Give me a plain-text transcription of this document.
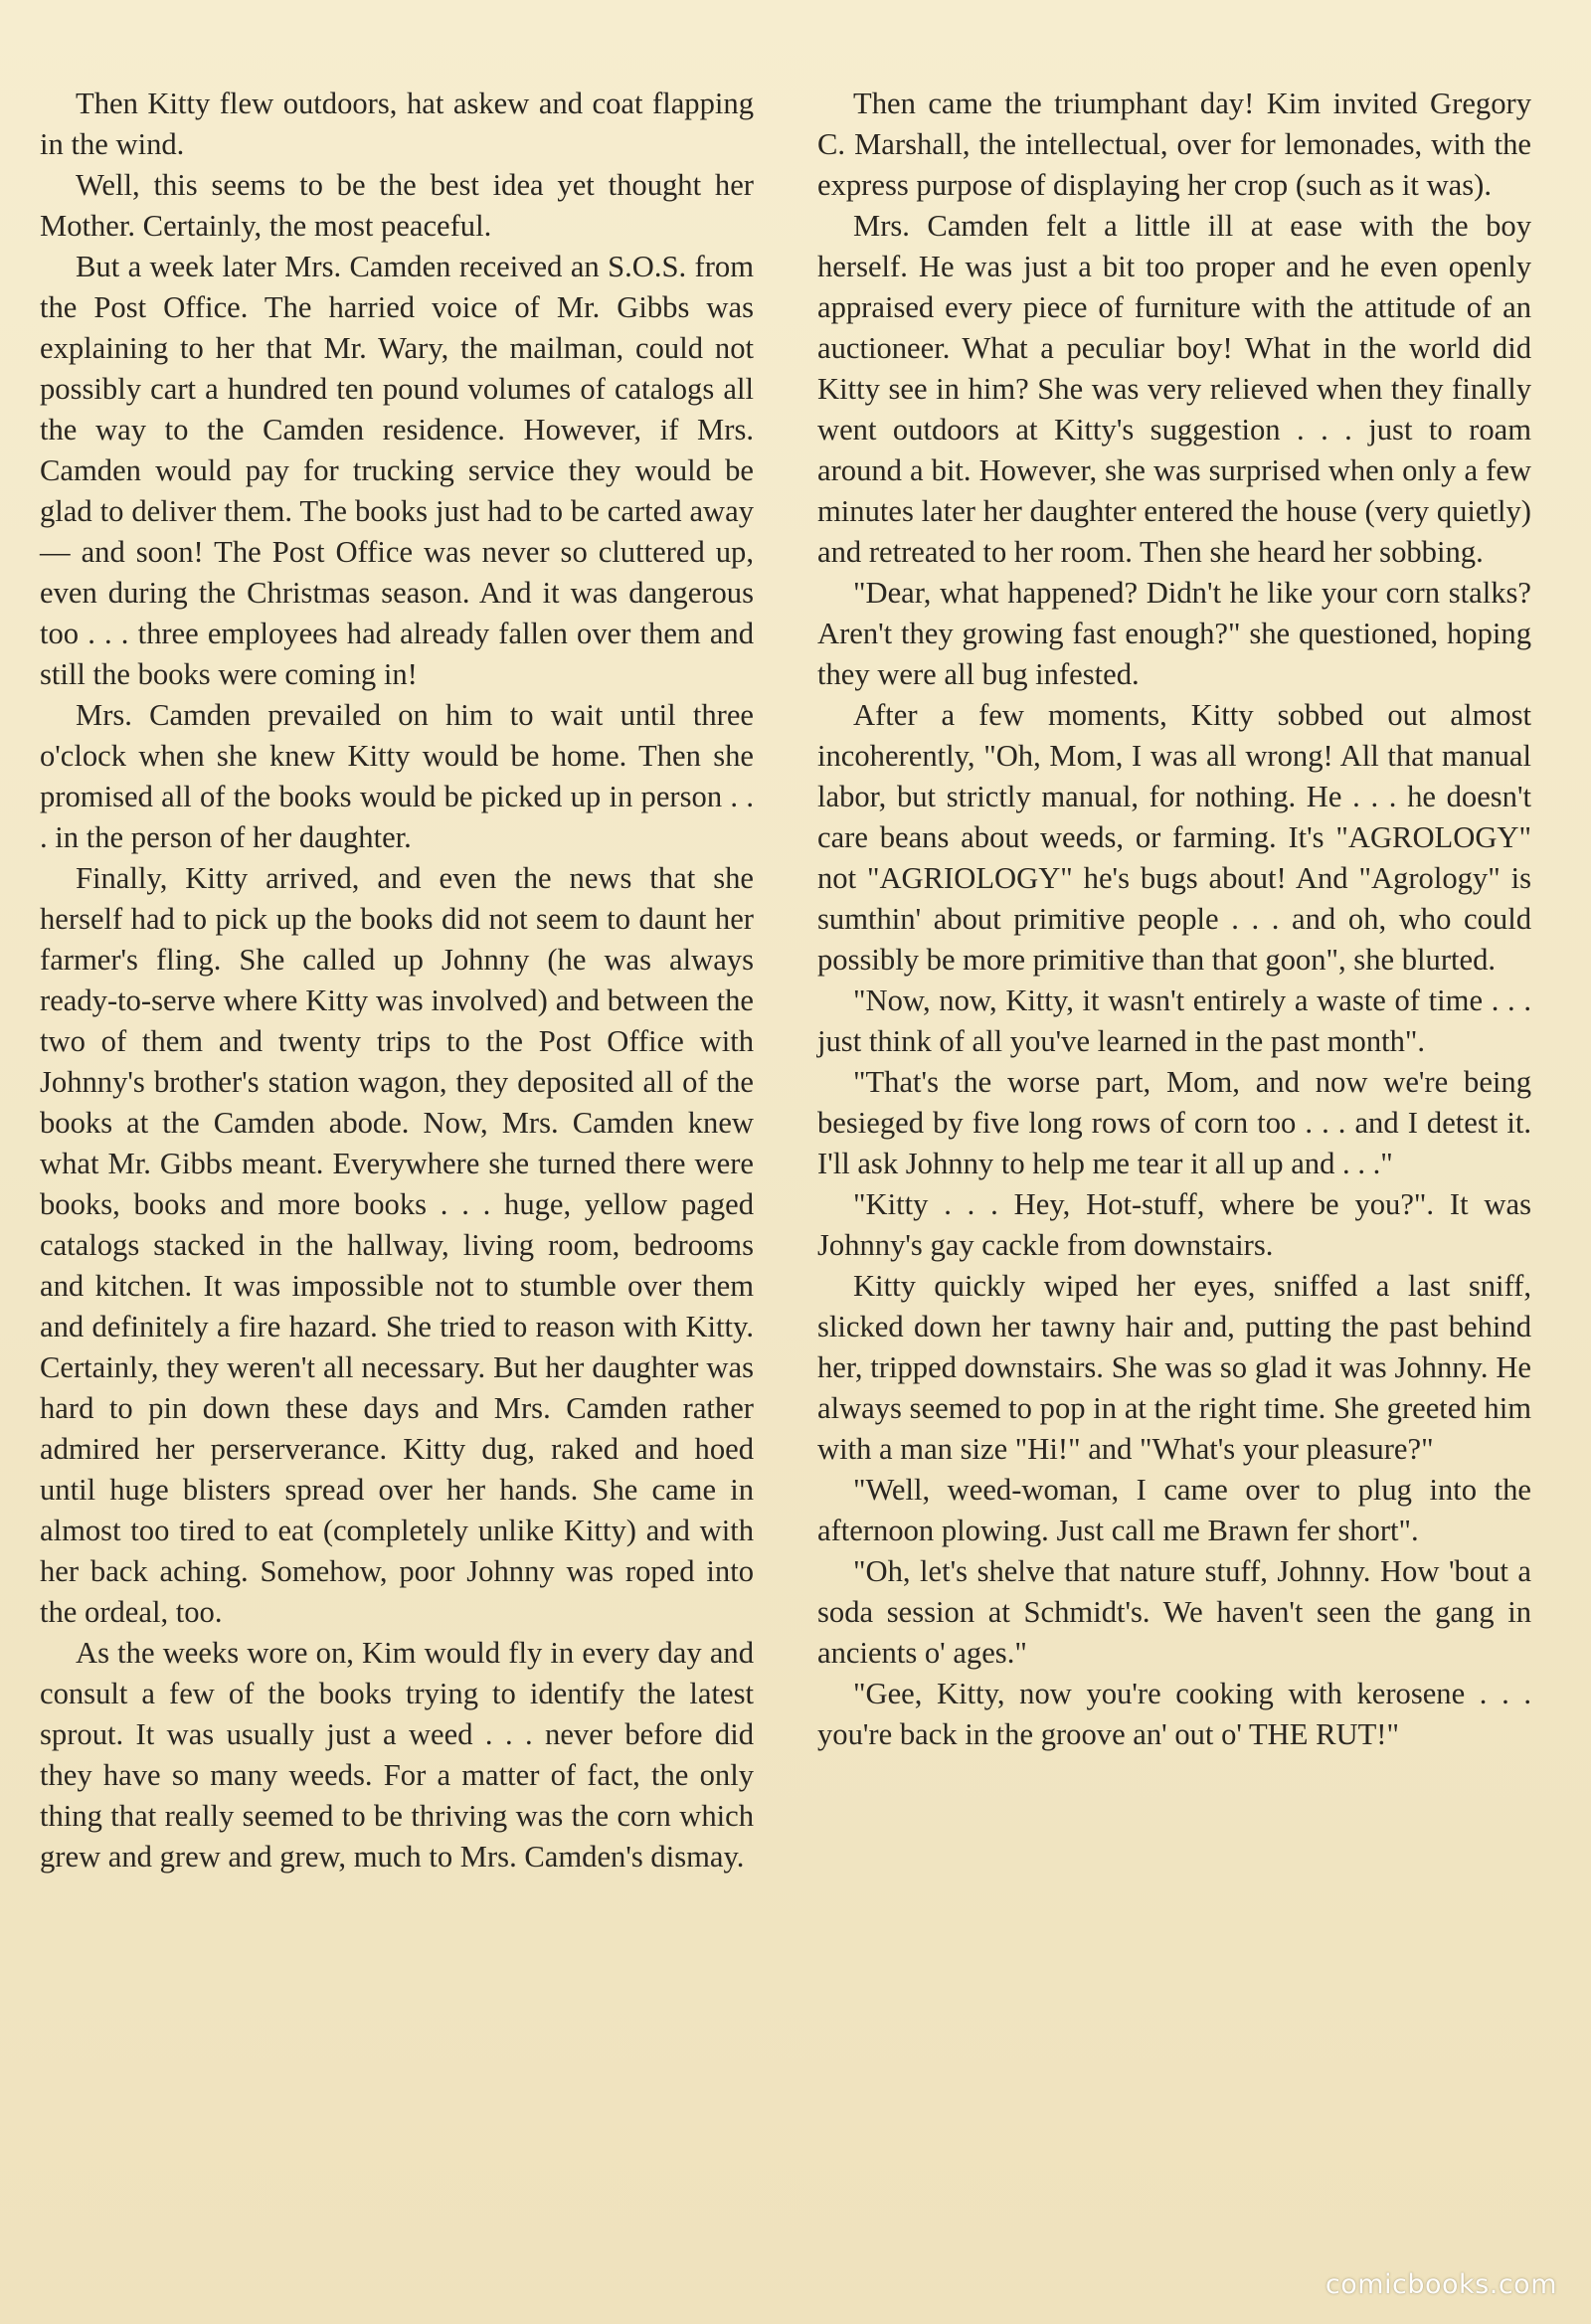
Then Kitty flew outdoors, hat askew and coat flapping in the wind.

Well, this seems to be the best idea yet thought her Mother. Certainly, the most peaceful.

But a week later Mrs. Camden received an S.O.S. from the Post Office. The harried voice of Mr. Gibbs was explaining to her that Mr. Wary, the mailman, could not possibly cart a hundred ten pound volumes of catalogs all the way to the Camden residence. However, if Mrs. Camden would pay for trucking service they would be glad to deliver them. The books just had to be carted away — and soon! The Post Office was never so cluttered up, even during the Christmas season. And it was dangerous too . . . three employees had already fallen over them and still the books were coming in!

Mrs. Camden prevailed on him to wait until three o'clock when she knew Kitty would be home. Then she promised all of the books would be picked up in person . . . in the person of her daughter.

Finally, Kitty arrived, and even the news that she herself had to pick up the books did not seem to daunt her farmer's fling. She called up Johnny (he was always ready-to-serve where Kitty was involved) and between the two of them and twenty trips to the Post Office with Johnny's brother's station wagon, they deposited all of the books at the Camden abode. Now, Mrs. Camden knew what Mr. Gibbs meant. Everywhere she turned there were books, books and more books . . . huge, yellow paged catalogs stacked in the hallway, living room, bedrooms and kitchen. It was impossible not to stumble over them and definitely a fire hazard. She tried to reason with Kitty. Certainly, they weren't all necessary. But her daughter was hard to pin down these days and Mrs. Camden rather admired her perserverance. Kitty dug, raked and hoed until huge blisters spread over her hands. She came in almost too tired to eat (completely unlike Kitty) and with her back aching. Somehow, poor Johnny was roped into the ordeal, too.

As the weeks wore on, Kim would fly in every day and consult a few of the books trying to identify the latest sprout. It was usually just a weed . . . never before did they have so many weeds. For a matter of fact, the only thing that really seemed to be thriving was the corn which grew and grew and grew, much to Mrs. Camden's dismay.

Then came the triumphant day! Kim invited Gregory C. Marshall, the intellectual, over for lemonades, with the express purpose of displaying her crop (such as it was).

Mrs. Camden felt a little ill at ease with the boy herself. He was just a bit too proper and he even openly appraised every piece of furniture with the attitude of an auctioneer. What a peculiar boy! What in the world did Kitty see in him? She was very relieved when they finally went outdoors at Kitty's suggestion . . . just to roam around a bit. However, she was surprised when only a few minutes later her daughter entered the house (very quietly) and retreated to her room. Then she heard her sobbing.

"Dear, what happened? Didn't he like your corn stalks? Aren't they growing fast enough?" she questioned, hoping they were all bug infested.

After a few moments, Kitty sobbed out almost incoherently, "Oh, Mom, I was all wrong! All that manual labor, but strictly manual, for nothing. He . . . he doesn't care beans about weeds, or farming. It's "AGROLOGY" not "AGRIOLOGY" he's bugs about! And "Agrology" is sumthin' about primitive people . . . and oh, who could possibly be more primitive than that goon", she blurted.

"Now, now, Kitty, it wasn't entirely a waste of time . . . just think of all you've learned in the past month".

"That's the worse part, Mom, and now we're being besieged by five long rows of corn too . . . and I detest it. I'll ask Johnny to help me tear it all up and . . ."

"Kitty . . . Hey, Hot-stuff, where be you?". It was Johnny's gay cackle from downstairs.

Kitty quickly wiped her eyes, sniffed a last sniff, slicked down her tawny hair and, putting the past behind her, tripped downstairs. She was so glad it was Johnny. He always seemed to pop in at the right time. She greeted him with a man size "Hi!" and "What's your pleasure?"

"Well, weed-woman, I came over to plug into the afternoon plowing. Just call me Brawn fer short".

"Oh, let's shelve that nature stuff, Johnny. How 'bout a soda session at Schmidt's. We haven't seen the gang in ancients o' ages."

"Gee, Kitty, now you're cooking with kerosene . . . you're back in the groove an' out o' THE RUT!"

comicbooks.com
